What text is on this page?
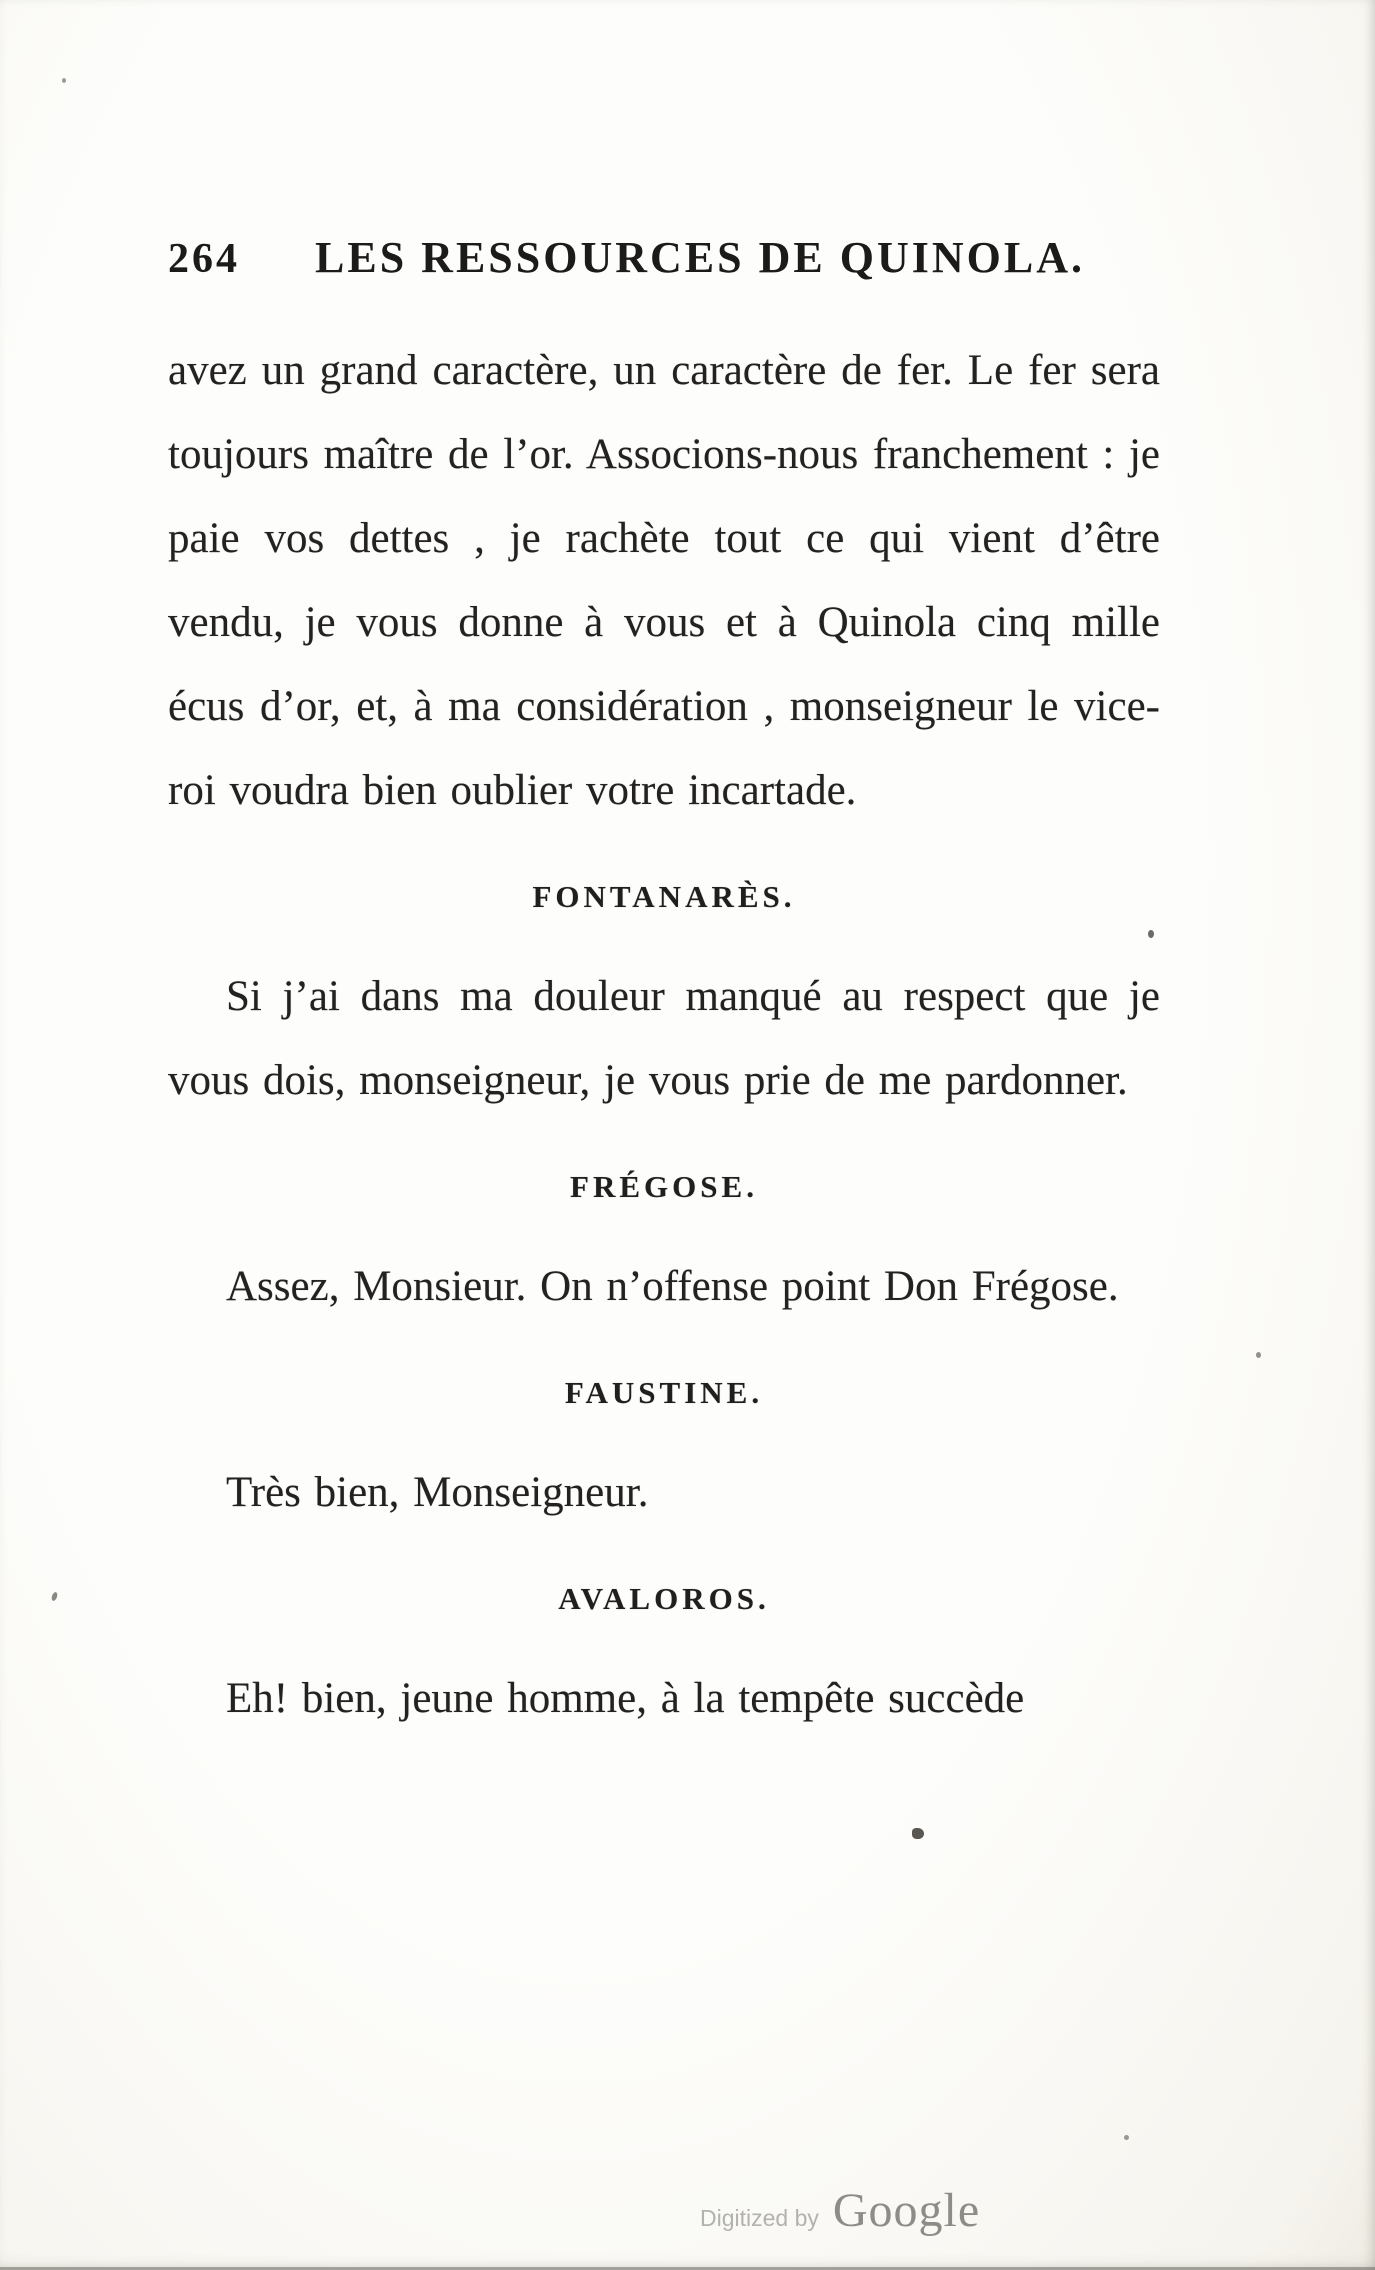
264	LES RESSOURCES DE QUINOLA.

avez un grand caractère, un caractère de fer. Le fer sera toujours maître de l’or. Associons-nous franchement : je paie vos dettes , je rachète tout ce qui vient d’être vendu, je vous donne à vous et à Quinola cinq mille écus d’or, et, à ma considération , monseigneur le vice-roi voudra bien oublier votre incartade.

FONTANARÈS.

Si j’ai dans ma douleur manqué au respect que je vous dois, monseigneur, je vous prie de me pardonner.

FRÉGOSE.

Assez, Monsieur. On n’offense point Don Frégose.

FAUSTINE.

Très bien, Monseigneur.

AVALOROS.

Eh! bien, jeune homme, à la tempête succède

Digitized by Google
